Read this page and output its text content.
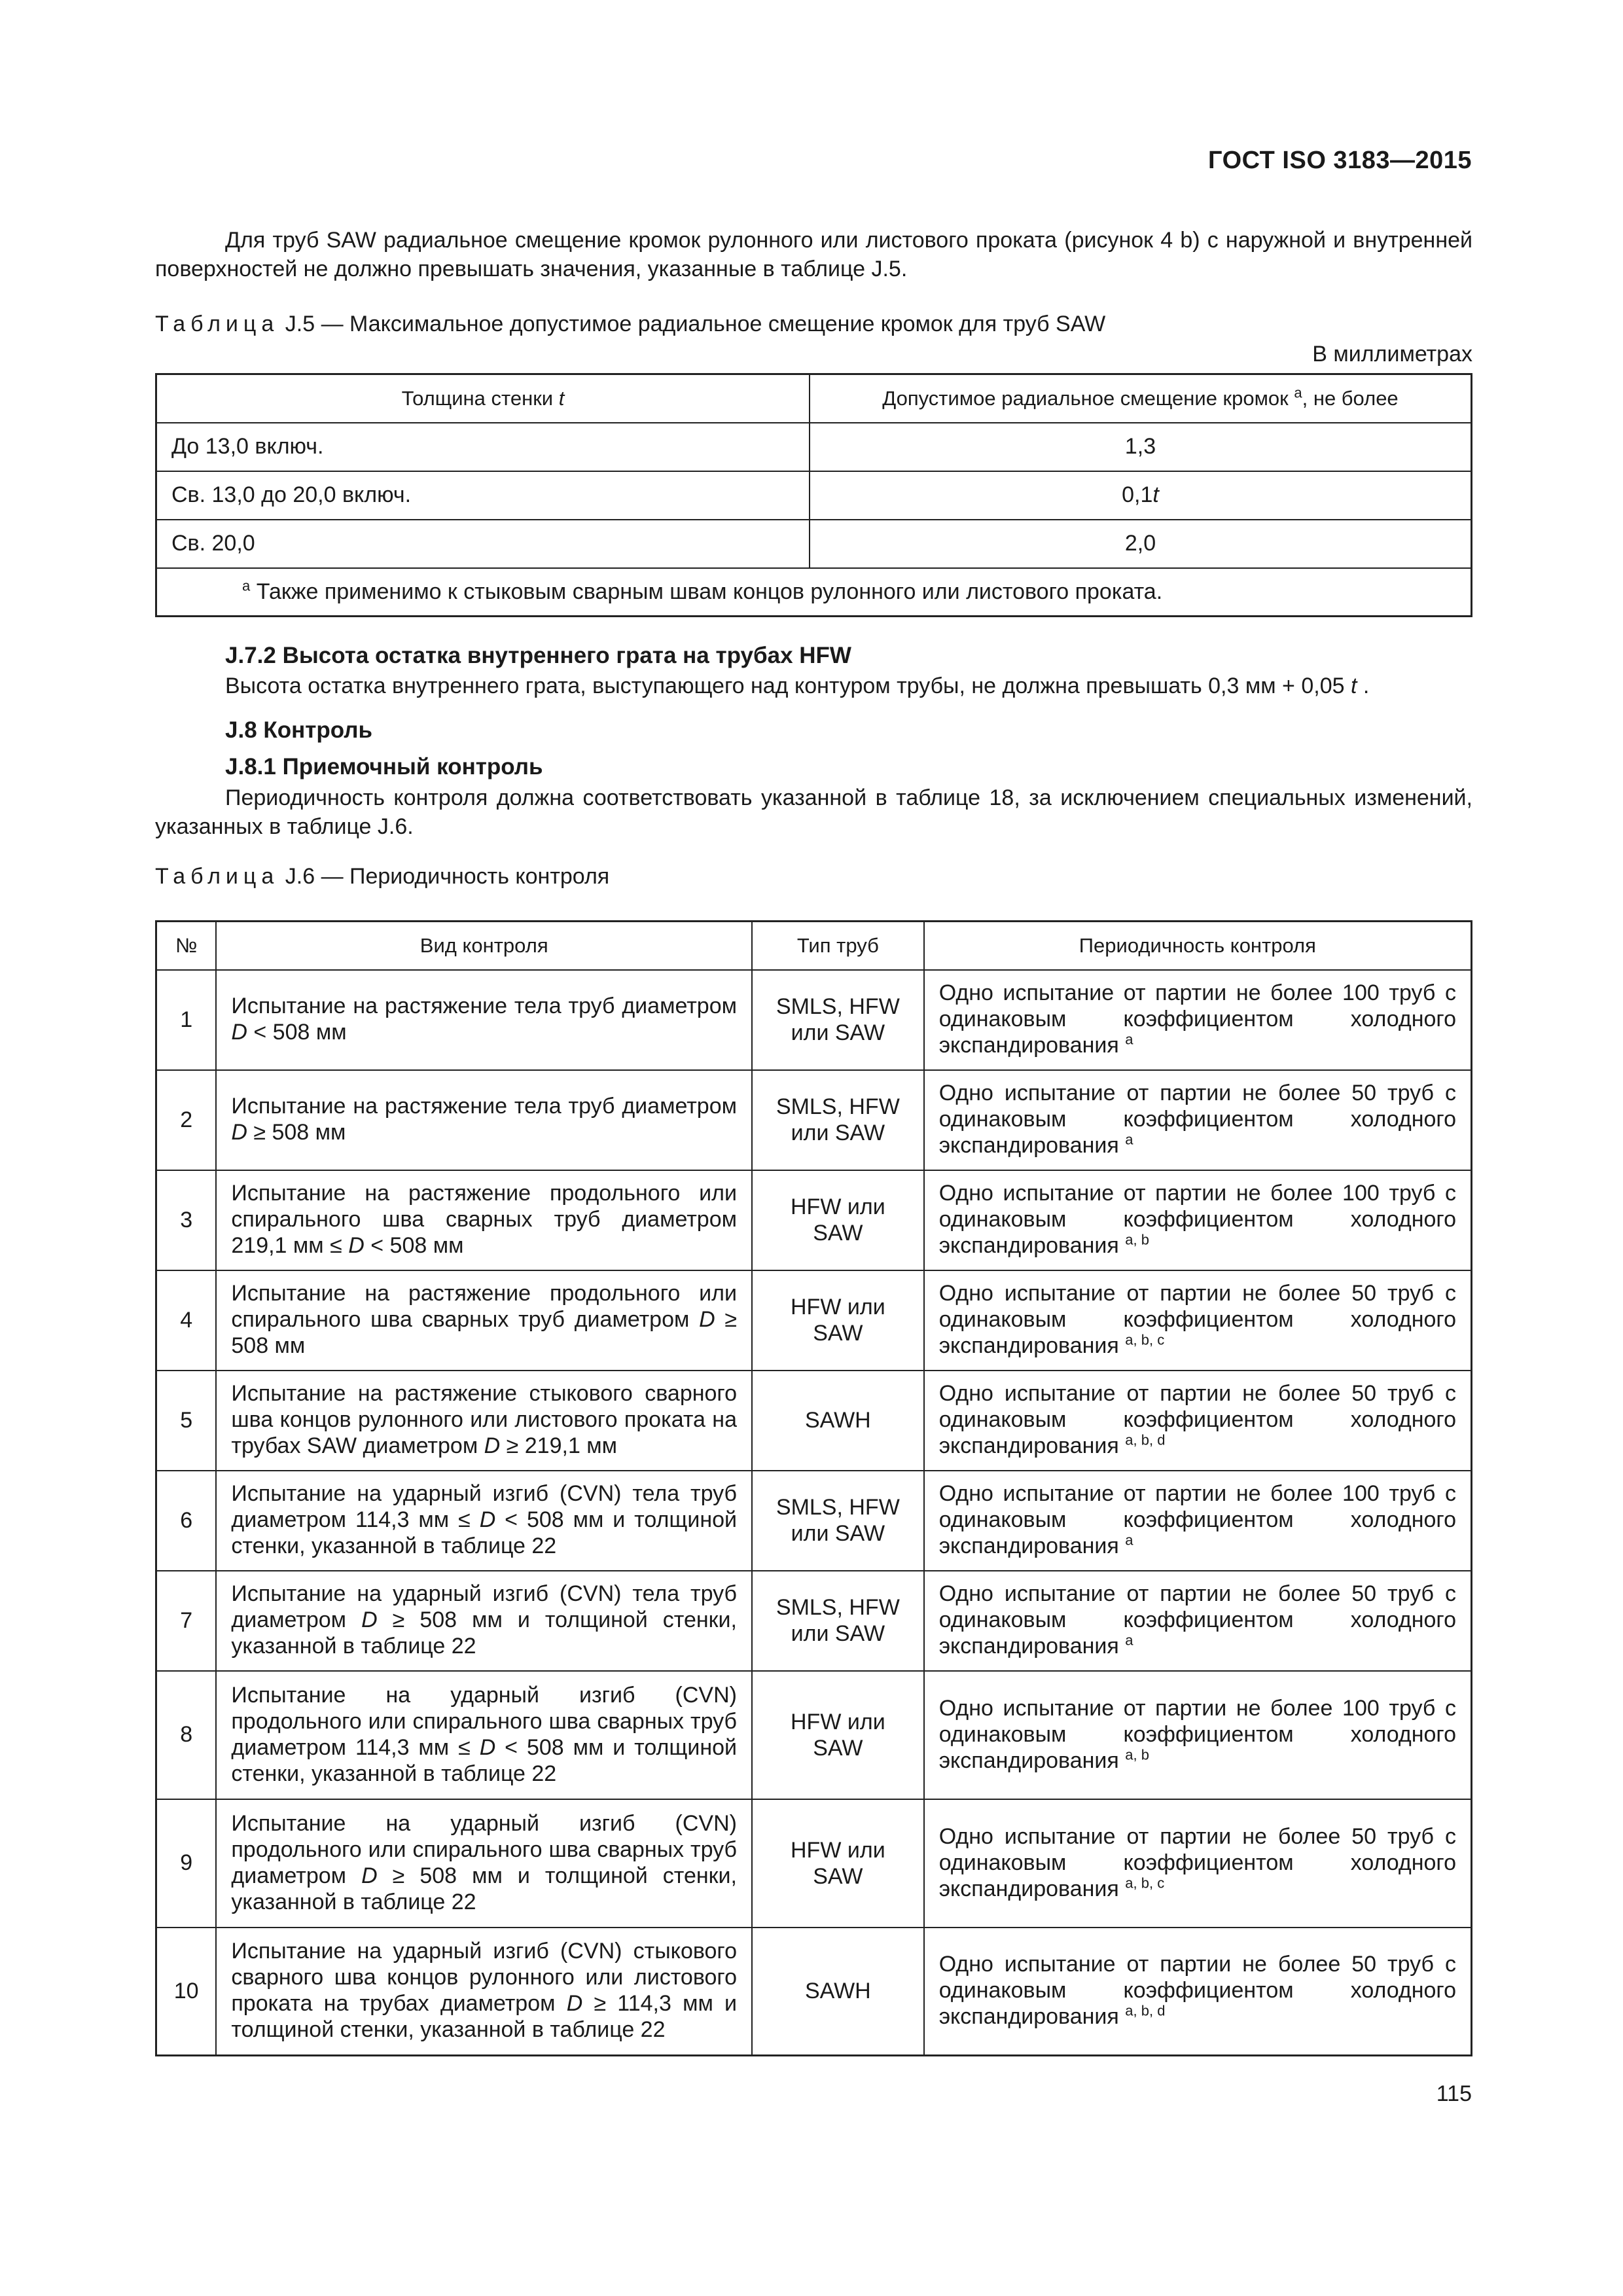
ГОСТ ISO 3183—2015
Для труб SAW радиальное смещение кромок рулонного или листового проката (рисунок 4 b) с наружной и внутренней поверхностей не должно превышать значения, указанные в таблице J.5.
Таблица J.5 — Максимальное допустимое радиальное смещение кромок для труб SAW
В миллиметрах
Толщина стенки t	Допустимое радиальное смещение кромок $^a$, не более
До 13,0 включ.	1,3
Св. 13,0 до 20,0 включ.	0,1t
Св. 20,0	2,0
$^a$ Также применимо к стыковым сварным швам концов рулонного или листового проката.	
J.7.2 Высота остатка внутреннего грата на трубах HFW
Высота остатка внутреннего грата, выступающего над контуром трубы, не должна превышать 0,3 мм + 0,05 t .
J.8 Контроль
J.8.1 Приемочный контроль
Периодичность контроля должна соответствовать указанной в таблице 18, за исключением специальных изменений, указанных в таблице J.6.
Таблица J.6 — Периодичность контроля
№	Вид контроля	Тип труб	Периодичность контроля
1	Испытание на растяжение тела труб диаметром D < 508 мм	SMLS, HFW или SAW	Одно испытание от партии не более 100 труб с одинаковым коэффициентом холодного экспандирования $^a$
2	Испытание на растяжение тела труб диаметром D ≥ 508 мм	SMLS, HFW или SAW	Одно испытание от партии не более 50 труб с одинаковым коэффициентом холодного экспандирования $^a$
3	Испытание на растяжение продольного или спирального шва сварных труб диаметром 219,1 мм ≤ D < 508 мм	HFW или SAW	Одно испытание от партии не более 100 труб с одинаковым коэффициентом холодного экспандирования $^{a, b}$
4	Испытание на растяжение продольного или спирального шва сварных труб диаметром D ≥ 508 мм	HFW или SAW	Одно испытание от партии не более 50 труб с одинаковым коэффициентом холодного экспандирования $^{a, b, c}$
5	Испытание на растяжение стыкового сварного шва концов рулонного или листового проката на трубах SAW диаметром D ≥ 219,1 мм	SAWH	Одно испытание от партии не более 50 труб с одинаковым коэффициентом холодного экспандирования $^{a, b, d}$
6	Испытание на ударный изгиб (CVN) тела труб диаметром 114,3 мм ≤ D < 508 мм и толщиной стенки, указанной в таблице 22	SMLS, HFW или SAW	Одно испытание от партии не более 100 труб с одинаковым коэффициентом холодного экспандирования $^a$
7	Испытание на ударный изгиб (CVN) тела труб диаметром D ≥ 508 мм и толщиной стенки, указанной в таблице 22	SMLS, HFW или SAW	Одно испытание от партии не более 50 труб с одинаковым коэффициентом холодного экспандирования $^a$
8	Испытание на ударный изгиб (CVN) продольного или спирального шва сварных труб диаметром 114,3 мм ≤ D < 508 мм и толщиной стенки, указанной в таблице 22	HFW или SAW	Одно испытание от партии не более 100 труб с одинаковым коэффициентом холодного экспандирования $^{a, b}$
9	Испытание на ударный изгиб (CVN) продольного или спирального шва сварных труб диаметром D ≥ 508 мм и толщиной стенки, указанной в таблице 22	HFW или SAW	Одно испытание от партии не более 50 труб с одинаковым коэффициентом холодного экспандирования $^{a, b, c}$
10	Испытание на ударный изгиб (CVN) стыкового сварного шва концов рулонного или листового проката на трубах диаметром D ≥ 114,3 мм и толщиной стенки, указанной в таблице 22	SAWH	Одно испытание от партии не более 50 труб с одинаковым коэффициентом холодного экспандирования $^{a, b, d}$
115
